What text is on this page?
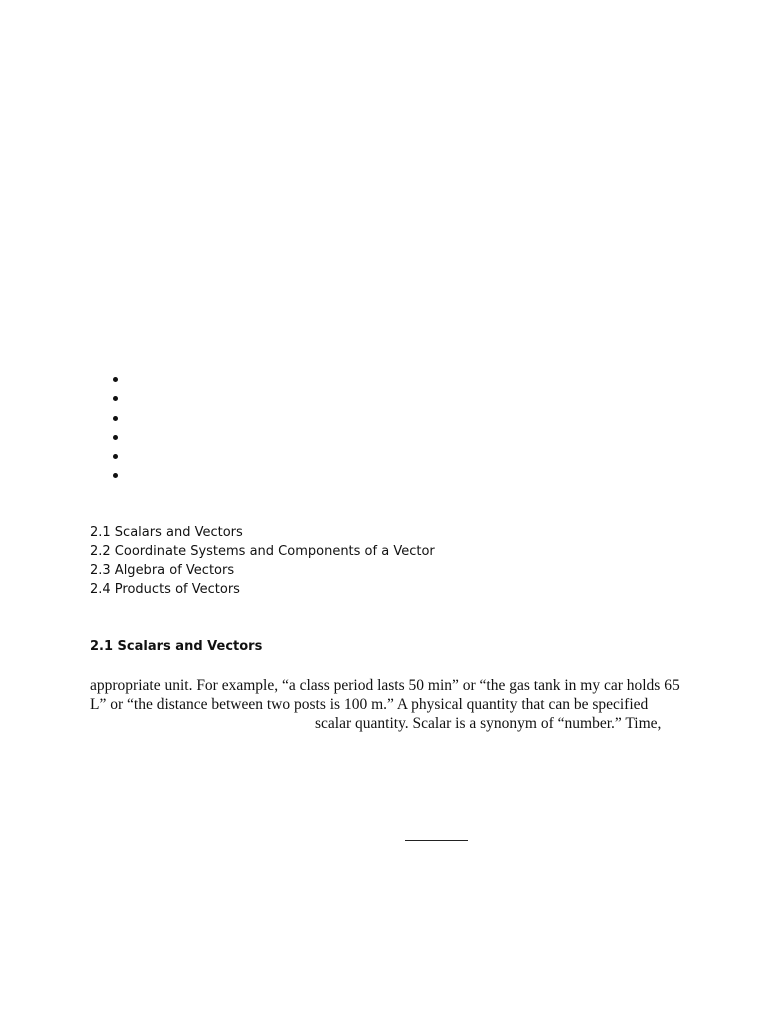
2.1 Scalars and Vectors
2.2 Coordinate Systems and Components of a Vector
2.3 Algebra of Vectors
2.4 Products of Vectors
2.1 Scalars and Vectors
appropriate unit. For example, “a class period lasts 50 min” or “the gas tank in my car holds 65
L” or “the distance between two posts is 100 m.” A physical quantity that can be specified
scalar quantity. Scalar is a synonym of “number.” Time,
